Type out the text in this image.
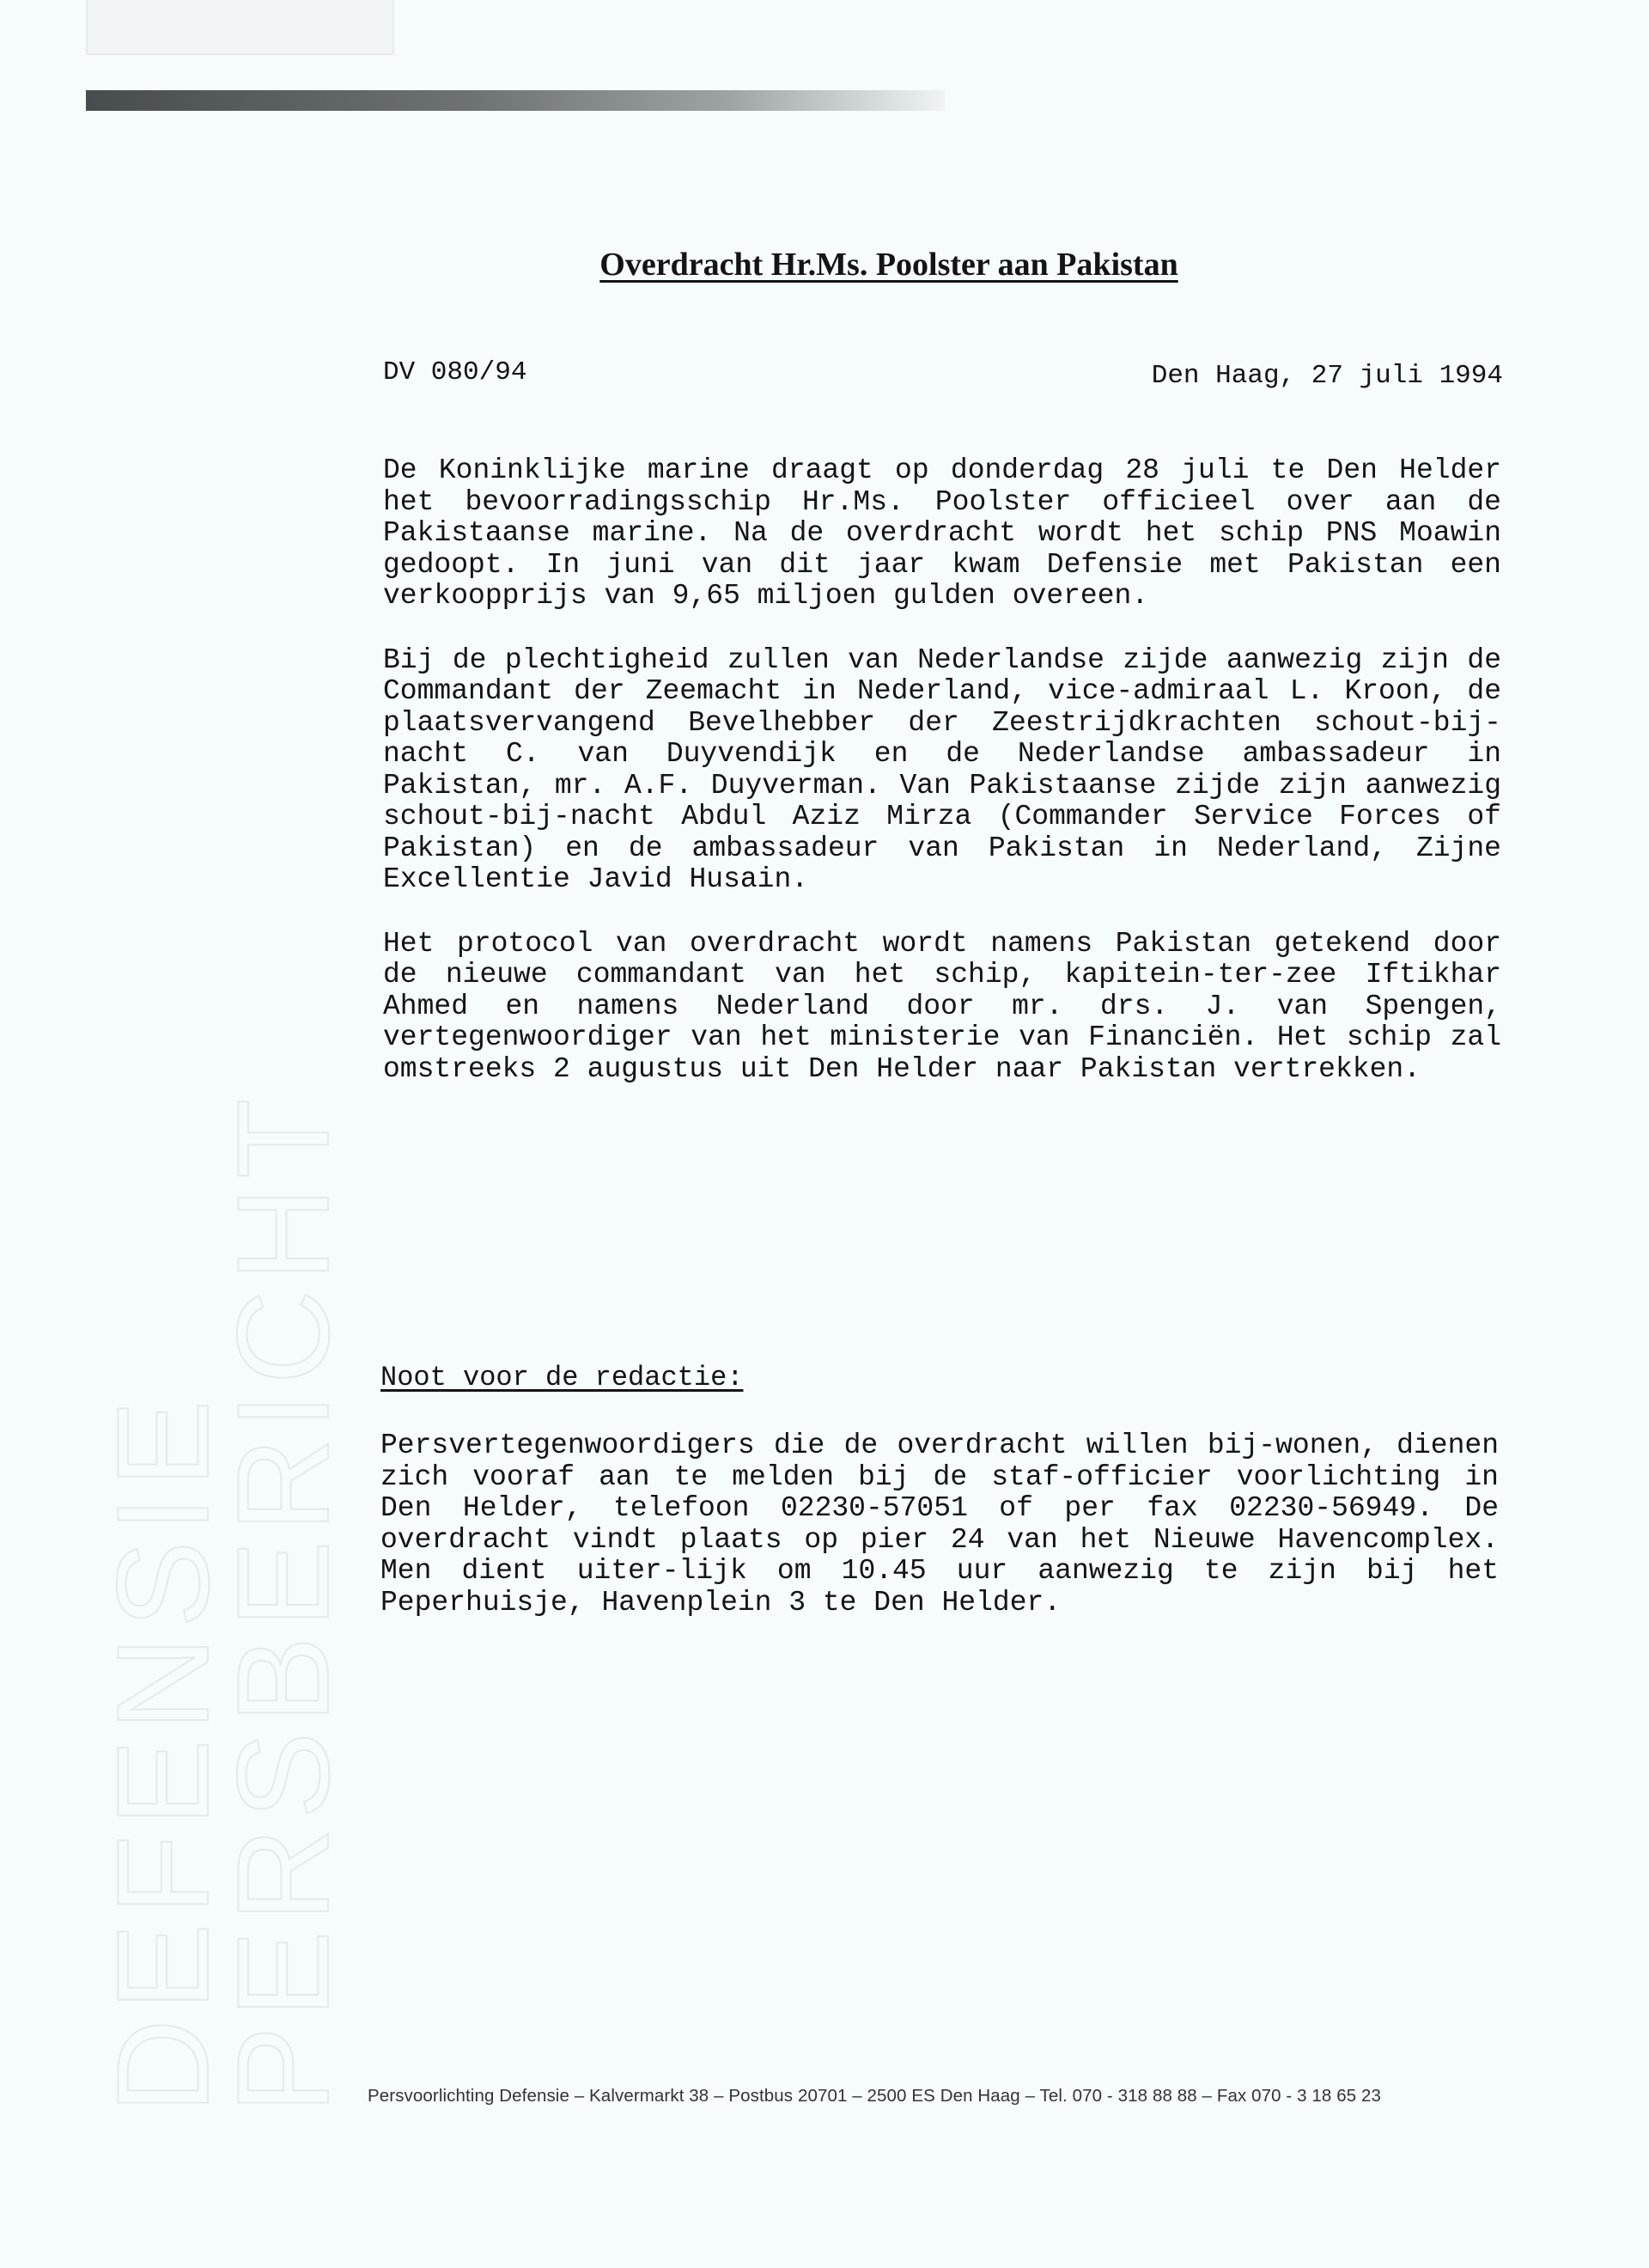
DEFENSIE
PERSBERICHT
Overdracht Hr.Ms. Poolster aan Pakistan
DV 080/94	Den Haag, 27 juli 1994

De Koninklijke marine draagt op donderdag 28 juli te Den Helder het bevoorradingsschip Hr.Ms. Poolster officieel over aan de Pakistaanse marine. Na de overdracht wordt het schip PNS Moawin gedoopt. In juni van dit jaar kwam Defensie met Pakistan een verkoopprijs van 9,65 miljoen gulden overeen.

Bij de plechtigheid zullen van Nederlandse zijde aanwezig zijn de Commandant der Zeemacht in Nederland, vice-admiraal L. Kroon, de plaatsvervangend Bevelhebber der Zeestrijdkrachten schout-bij-nacht C. van Duyvendijk en de Nederlandse ambassadeur in Pakistan, mr. A.F. Duyverman. Van Pakistaanse zijde zijn aanwezig schout-bij-nacht Abdul Aziz Mirza (Commander Service Forces of Pakistan) en de ambassadeur van Pakistan in Nederland, Zijne Excellentie Javid Husain.

Het protocol van overdracht wordt namens Pakistan getekend door de nieuwe commandant van het schip, kapitein-ter-zee Iftikhar Ahmed en namens Nederland door mr. drs. J. van Spengen, vertegenwoordiger van het ministerie van Financiën. Het schip zal omstreeks 2 augustus uit Den Helder naar Pakistan vertrekken.

Noot voor de redactie:
Persvertegenwoordigers die de overdracht willen bij-wonen, dienen zich vooraf aan te melden bij de staf-officier voorlichting in Den Helder, telefoon 02230-57051 of per fax 02230-56949. De overdracht vindt plaats op pier 24 van het Nieuwe Havencomplex. Men dient uiter-lijk om 10.45 uur aanwezig te zijn bij het Peperhuisje, Havenplein 3 te Den Helder.
Persvoorlichting Defensie – Kalvermarkt 38 – Postbus 20701 – 2500 ES Den Haag – Tel. 070 - 318 88 88 – Fax 070 - 3 18 65 23
